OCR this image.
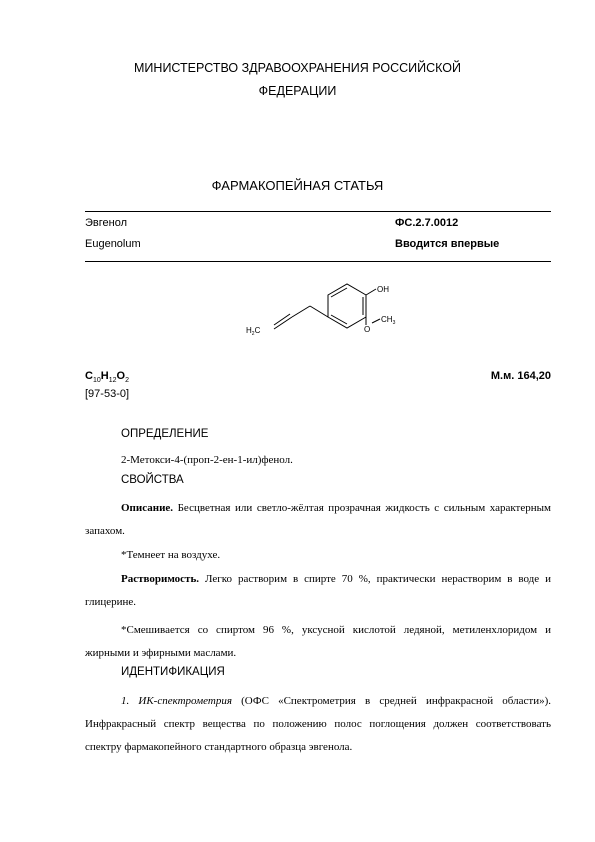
МИНИСТЕРСТВО ЗДРАВООХРАНЕНИЯ РОССИЙСКОЙ
ФЕДЕРАЦИИ
ФАРМАКОПЕЙНАЯ СТАТЬЯ
Эвгенол	ФС.2.7.0012
Eugenolum	Вводится впервые
OH
O
$CH_3$
$H_2C$
$C_{10}H_{12}O_2$
[97-53-0]
М.м. 164,20
ОПРЕДЕЛЕНИЕ
2-Метокси-4-(проп-2-ен-1-ил)фенол.
СВОЙСТВА
Описание. Бесцветная или светло-жёлтая прозрачная жидкость с сильным характерным запахом.
*Темнеет на воздухе.
Растворимость. Легко растворим в спирте 70 %, практически нерастворим в воде и глицерине.
*Смешивается со спиртом 96 %, уксусной кислотой ледяной, метиленхлоридом и жирными и эфирными маслами.
ИДЕНТИФИКАЦИЯ
1. ИК-спектрометрия (ОФС «Спектрометрия в средней инфракрасной области»). Инфракрасный спектр вещества по положению полос поглощения должен соответствовать спектру фармакопейного стандартного образца эвгенола.
